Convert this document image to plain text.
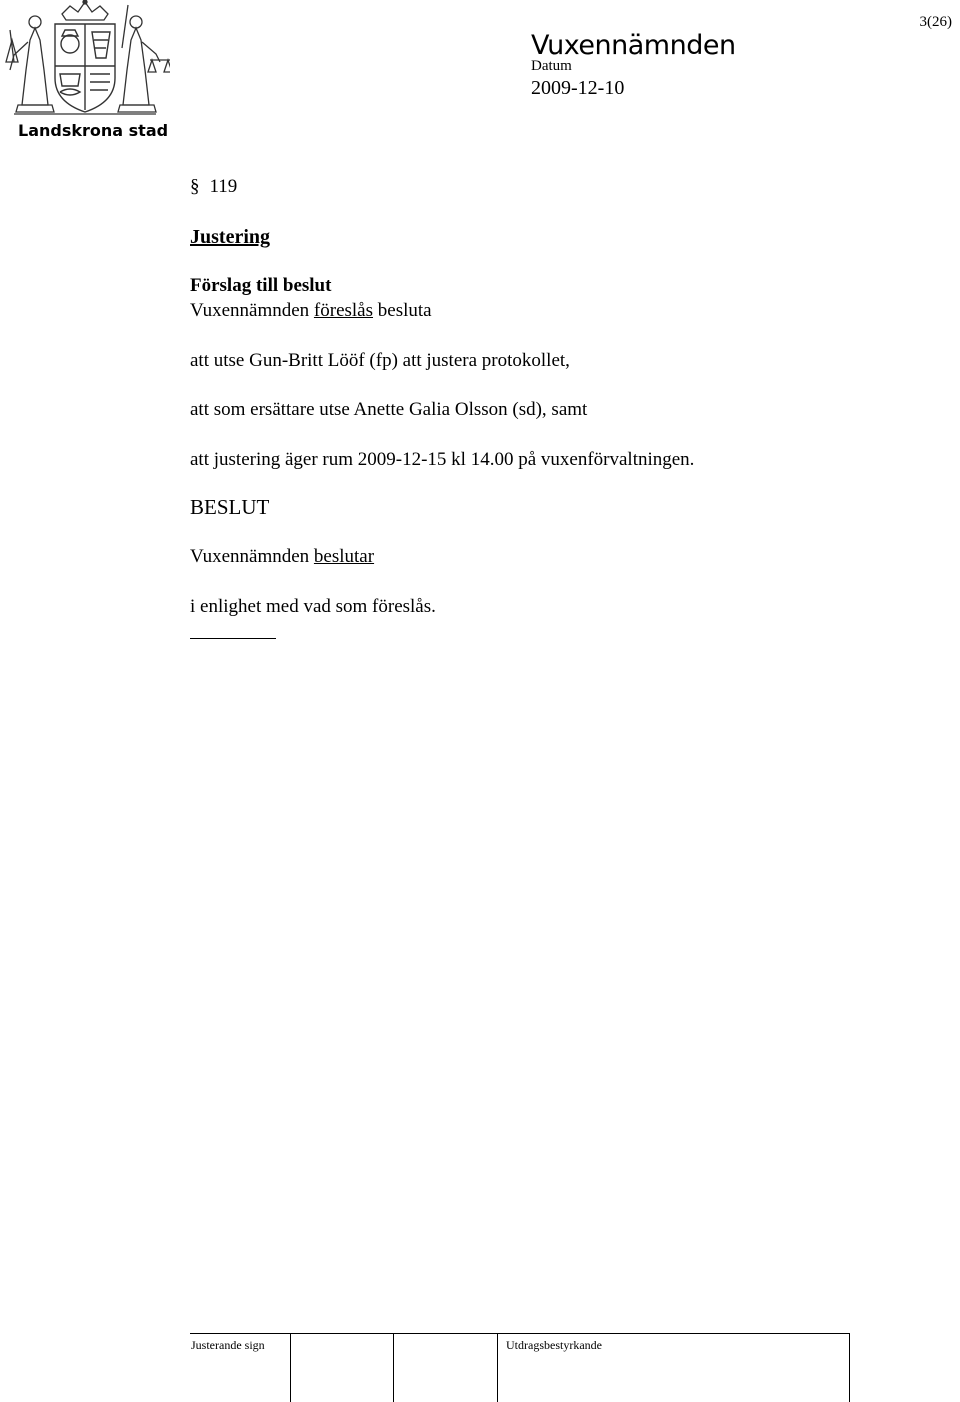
Landskrona stad
3(26)
Vuxennämnden
Datum
2009-12-10
§ 119
Justering
Förslag till beslut
Vuxennämnden föreslås besluta
att utse Gun-Britt Lööf (fp) att justera protokollet,
att som ersättare utse Anette Galia Olsson (sd), samt
att justering äger rum 2009-12-15 kl 14.00 på vuxenförvaltningen.
BESLUT
Vuxennämnden beslutar
i enlighet med vad som föreslås.
Justerande sign	Utdragsbestyrkande
